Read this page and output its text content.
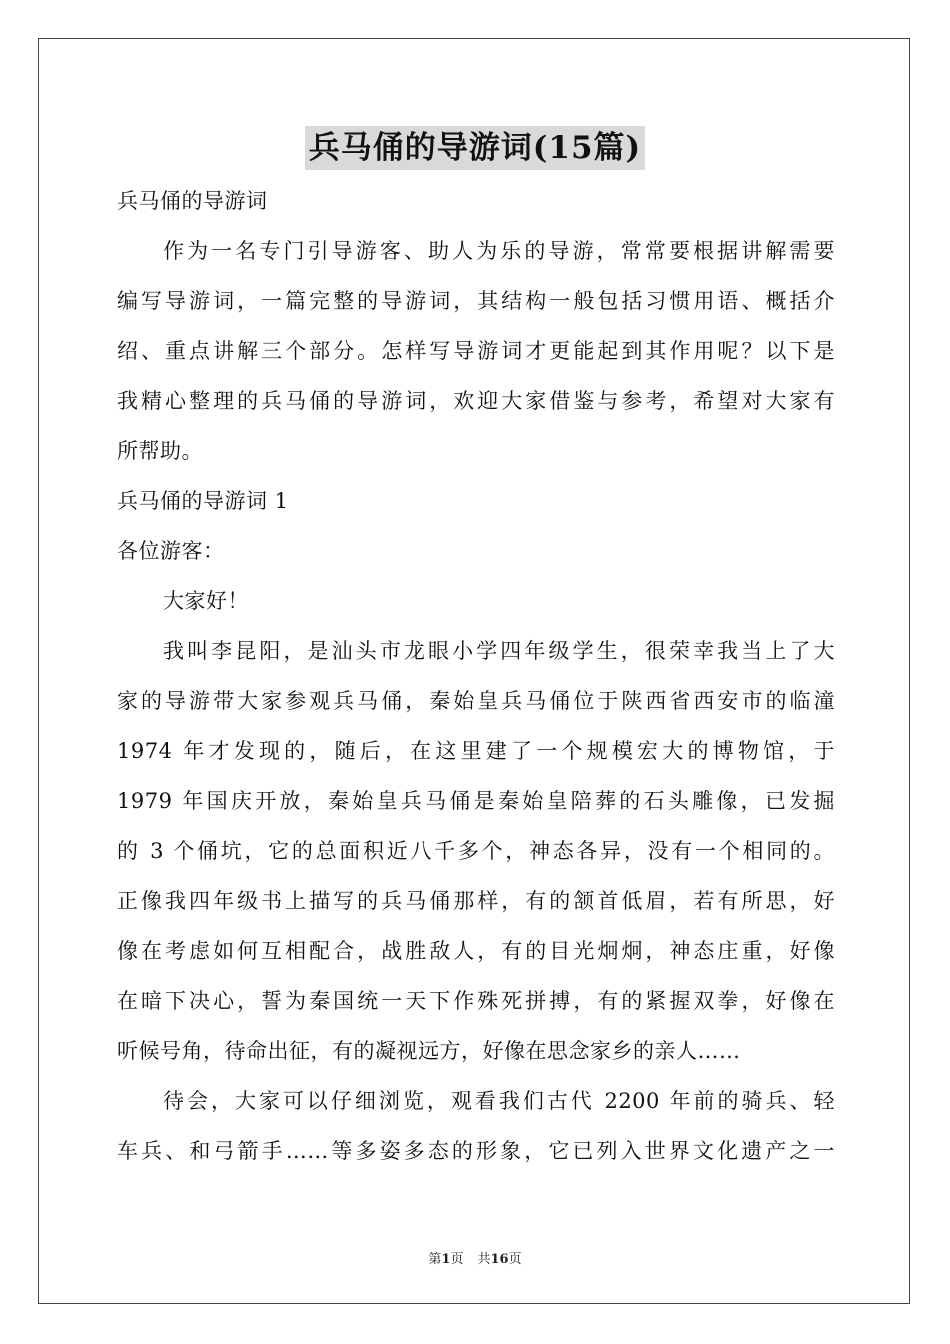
兵马俑的导游词(15篇)
兵马俑的导游词
作为一名专门引导游客、助人为乐的导游，常常要根据讲解需要
编写导游词，一篇完整的导游词，其结构一般包括习惯用语、概括介
绍、重点讲解三个部分。怎样写导游词才更能起到其作用呢？以下是
我精心整理的兵马俑的导游词，欢迎大家借鉴与参考，希望对大家有
所帮助。
兵马俑的导游词 1
各位游客：
大家好！
我叫李昆阳，是汕头市龙眼小学四年级学生，很荣幸我当上了大
家的导游带大家参观兵马俑，秦始皇兵马俑位于陕西省西安市的临潼
1974 年才发现的，随后，在这里建了一个规模宏大的博物馆，于
1979 年国庆开放，秦始皇兵马俑是秦始皇陪葬的石头雕像，已发掘
的 3 个俑坑，它的总面积近八千多个，神态各异，没有一个相同的。
正像我四年级书上描写的兵马俑那样，有的颔首低眉，若有所思，好
像在考虑如何互相配合，战胜敌人，有的目光炯炯，神态庄重，好像
在暗下决心，誓为秦国统一天下作殊死拼搏，有的紧握双拳，好像在
听候号角，待命出征，有的凝视远方，好像在思念家乡的亲人……
待会，大家可以仔细浏览，观看我们古代 2200 年前的骑兵、轻
车兵、和弓箭手……等多姿多态的形象，它已列入世界文化遗产之一
第1页 共16页
